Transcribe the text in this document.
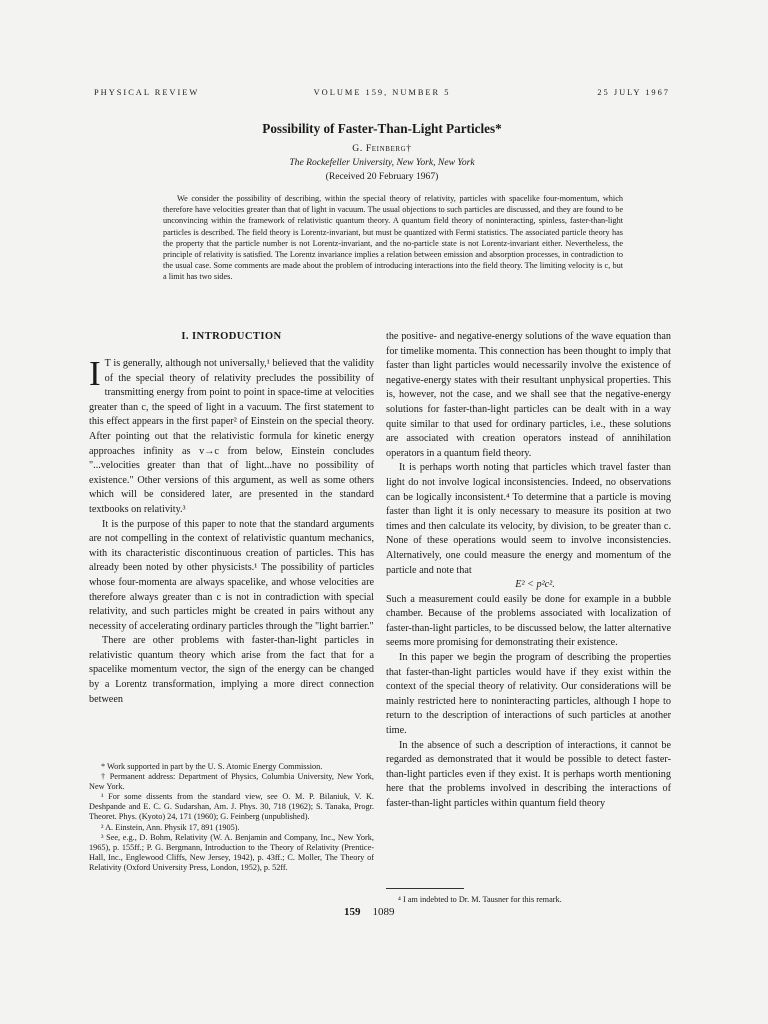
PHYSICAL REVIEW	VOLUME 159, NUMBER 5	25 JULY 1967
Possibility of Faster-Than-Light Particles*
G. Feinberg†
The Rockefeller University, New York, New York
(Received 20 February 1967)

We consider the possibility of describing, within the special theory of relativity, particles with spacelike four-momentum, which therefore have velocities greater than that of light in vacuum. The usual objections to such particles are discussed, and they are found to be unconvincing within the framework of relativistic quantum theory. A quantum field theory of noninteracting, spinless, faster-than-light particles is described. The field theory is Lorentz-invariant, but must be quantized with Fermi statistics. The associated particle theory has the property that the particle number is not Lorentz-invariant, and the no-particle state is not Lorentz-invariant either. Nevertheless, the principle of relativity is satisfied. The Lorentz invariance implies a relation between emission and absorption processes, in contradiction to the usual case. Some comments are made about the problem of introducing interactions into the field theory. The limiting velocity is c, but a limit has two sides.

I. INTRODUCTION

I T is generally, although not universally,¹ believed that the validity of the special theory of relativity precludes the possibility of transmitting energy from point to point in space-time at velocities greater than c, the speed of light in a vacuum. The first statement to this effect appears in the first paper² of Einstein on the special theory. After pointing out that the relativistic formula for kinetic energy approaches infinity as v→c from below, Einstein concludes "...velocities greater than that of light...have no possibility of existence." Other versions of this argument, as well as some others which will be considered later, are presented in the standard textbooks on relativity.³

It is the purpose of this paper to note that the standard arguments are not compelling in the context of relativistic quantum mechanics, with its characteristic discontinuous creation of particles. This has already been noted by other physicists.¹ The possibility of particles whose four-momenta are always spacelike, and whose velocities are therefore always greater than c is not in contradiction with special relativity, and such particles might be created in pairs without any necessity of accelerating ordinary particles through the "light barrier."

There are other problems with faster-than-light particles in relativistic quantum theory which arise from the fact that for a spacelike momentum vector, the sign of the energy can be changed by a Lorentz transformation, implying a more direct connection between

the positive- and negative-energy solutions of the wave equation than for timelike momenta. This connection has been thought to imply that faster than light particles would necessarily involve the existence of negative-energy states with their resultant unphysical properties. This is, however, not the case, and we shall see that the negative-energy solutions for faster-than-light particles can be dealt with in a way quite similar to that used for ordinary particles, i.e., these solutions are associated with creation operators instead of annihilation operators in a quantum field theory.

It is perhaps worth noting that particles which travel faster than light do not involve logical inconsistencies. Indeed, no observations can be logically inconsistent.⁴ To determine that a particle is moving faster than light it is only necessary to measure its position at two times and then calculate its velocity, by division, to be greater than c. None of these operations would seem to involve inconsistencies. Alternatively, one could measure the energy and momentum of the particle and note that

E² < p²c².

Such a measurement could easily be done for example in a bubble chamber. Because of the problems associated with localization of faster-than-light particles, to be discussed below, the latter alternative seems more promising for demonstrating their existence.

In this paper we begin the program of describing the properties that faster-than-light particles would have if they exist within the context of the special theory of relativity. Our considerations will be mainly restricted here to noninteracting particles, although I hope to return to the description of interactions of such particles at another time.

In the absence of such a description of interactions, it cannot be regarded as demonstrated that it would be possible to detect faster-than-light particles even if they exist. It is perhaps worth mentioning here that the problems involved in describing the interactions of faster-than-light particles within quantum field theory

* Work supported in part by the U. S. Atomic Energy Commission.

† Permanent address: Department of Physics, Columbia University, New York, New York.

¹ For some dissents from the standard view, see O. M. P. Bilaniuk, V. K. Deshpande and E. C. G. Sudarshan, Am. J. Phys. 30, 718 (1962); S. Tanaka, Progr. Theoret. Phys. (Kyoto) 24, 171 (1960); G. Feinberg (unpublished).

² A. Einstein, Ann. Physik 17, 891 (1905).

³ See, e.g., D. Bohm, Relativity (W. A. Benjamin and Company, Inc., New York, 1965), p. 155ff.; P. G. Bergmann, Introduction to the Theory of Relativity (Prentice-Hall, Inc., Englewood Cliffs, New Jersey, 1942), p. 43ff.; C. Moller, The Theory of Relativity (Oxford University Press, London, 1952), p. 52ff.

⁴ I am indebted to Dr. M. Tausner for this remark.

159 1089
